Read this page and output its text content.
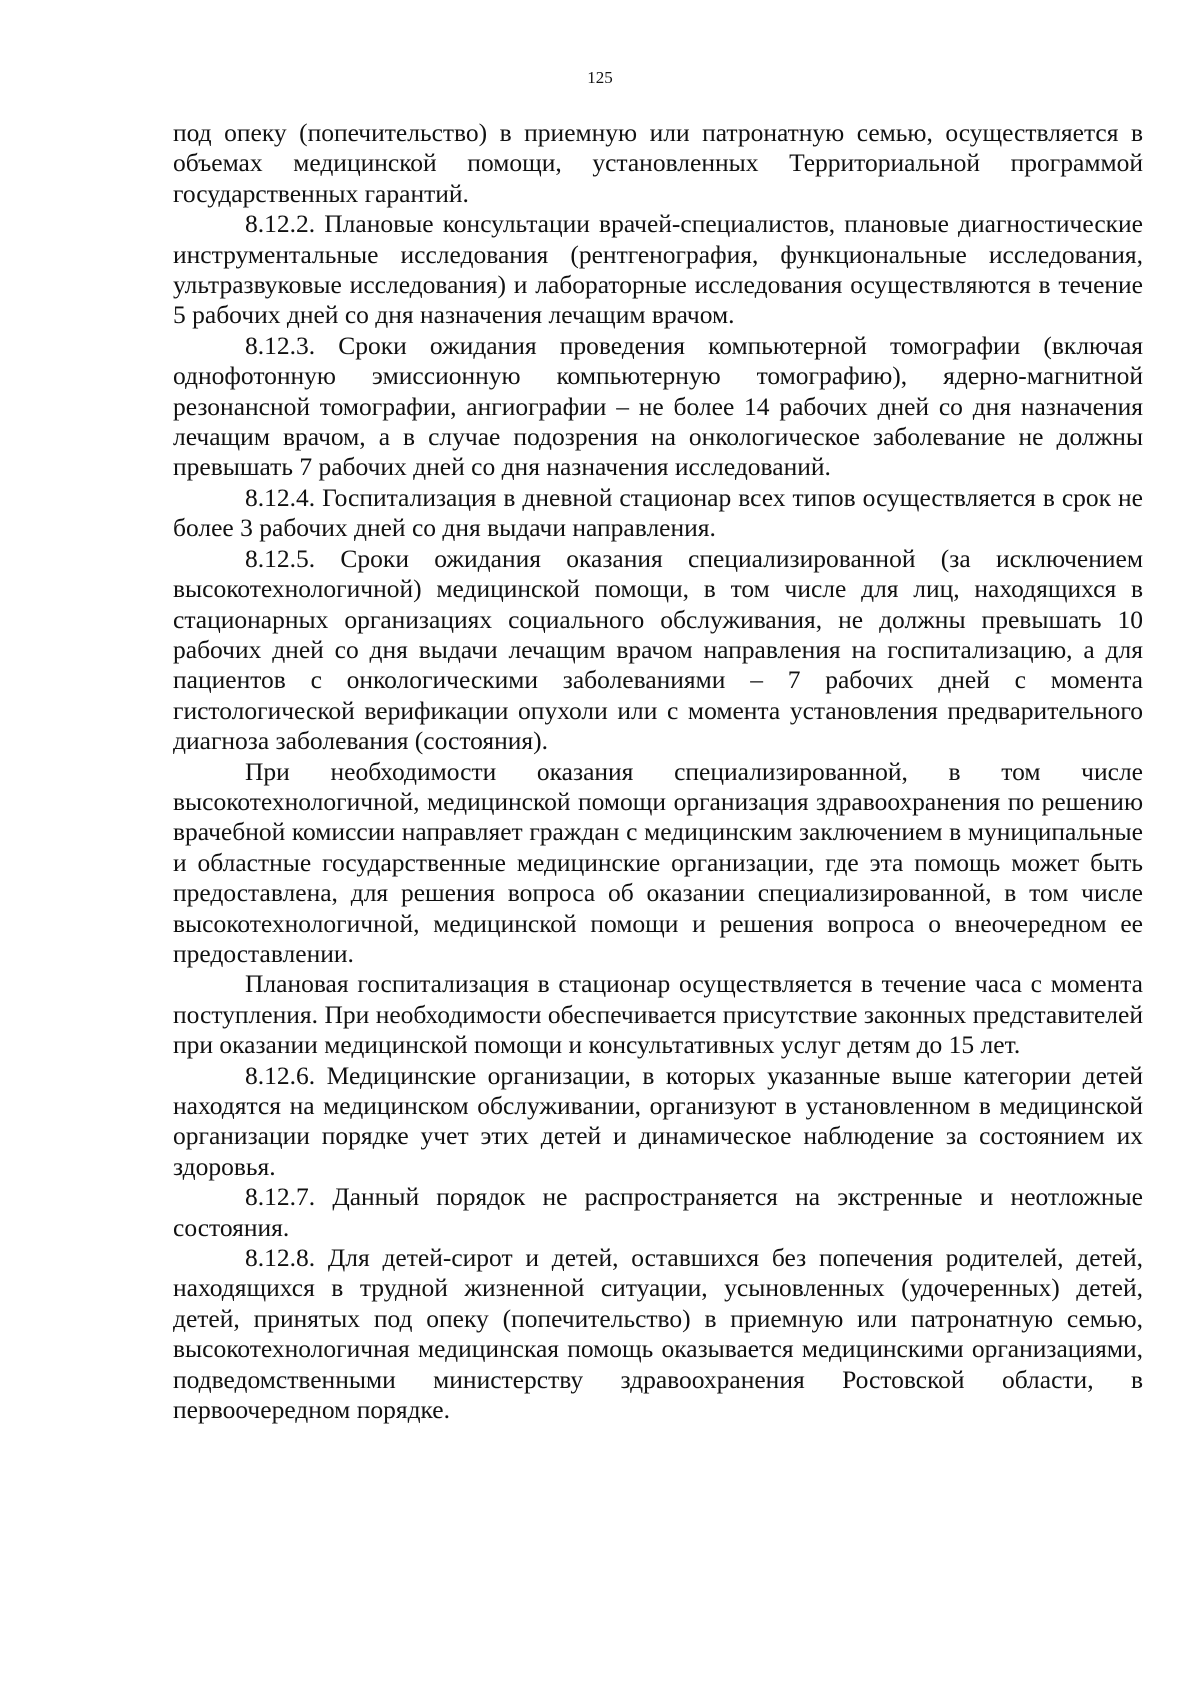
125

под опеку (попечительство) в приемную или патронатную семью, осуществляется в объемах медицинской помощи, установленных Территориальной программой государственных гарантий.

8.12.2. Плановые консультации врачей-специалистов, плановые диагностические инструментальные исследования (рентгенография, функциональные исследования, ультразвуковые исследования) и лабораторные исследования осуществляются в течение 5 рабочих дней со дня назначения лечащим врачом.

8.12.3. Сроки ожидания проведения компьютерной томографии (включая однофотонную эмиссионную компьютерную томографию), ядерно-магнитной резонансной томографии, ангиографии – не более 14 рабочих дней со дня назначения лечащим врачом, а в случае подозрения на онкологическое заболевание не должны превышать 7 рабочих дней со дня назначения исследований.

8.12.4. Госпитализация в дневной стационар всех типов осуществляется в срок не более 3 рабочих дней со дня выдачи направления.

8.12.5. Сроки ожидания оказания специализированной (за исключением высокотехнологичной) медицинской помощи, в том числе для лиц, находящихся в стационарных организациях социального обслуживания, не должны превышать 10 рабочих дней со дня выдачи лечащим врачом направления на госпитализацию, а для пациентов с онкологическими заболеваниями – 7 рабочих дней с момента гистологической верификации опухоли или с момента установления предварительного диагноза заболевания (состояния).

При необходимости оказания специализированной, в том числе высокотехнологичной, медицинской помощи организация здравоохранения по решению врачебной комиссии направляет граждан с медицинским заключением в муниципальные и областные государственные медицинские организации, где эта помощь может быть предоставлена, для решения вопроса об оказании специализированной, в том числе высокотехнологичной, медицинской помощи и решения вопроса о внеочередном ее предоставлении.

Плановая госпитализация в стационар осуществляется в течение часа с момента поступления. При необходимости обеспечивается присутствие законных представителей при оказании медицинской помощи и консультативных услуг детям до 15 лет.

8.12.6. Медицинские организации, в которых указанные выше категории детей находятся на медицинском обслуживании, организуют в установленном в медицинской организации порядке учет этих детей и динамическое наблюдение за состоянием их здоровья.

8.12.7. Данный порядок не распространяется на экстренные и неотложные состояния.

8.12.8. Для детей-сирот и детей, оставшихся без попечения родителей, детей, находящихся в трудной жизненной ситуации, усыновленных (удочеренных) детей, детей, принятых под опеку (попечительство) в приемную или патронатную семью, высокотехнологичная медицинская помощь оказывается медицинскими организациями, подведомственными министерству здравоохранения Ростовской области, в первоочередном порядке.
